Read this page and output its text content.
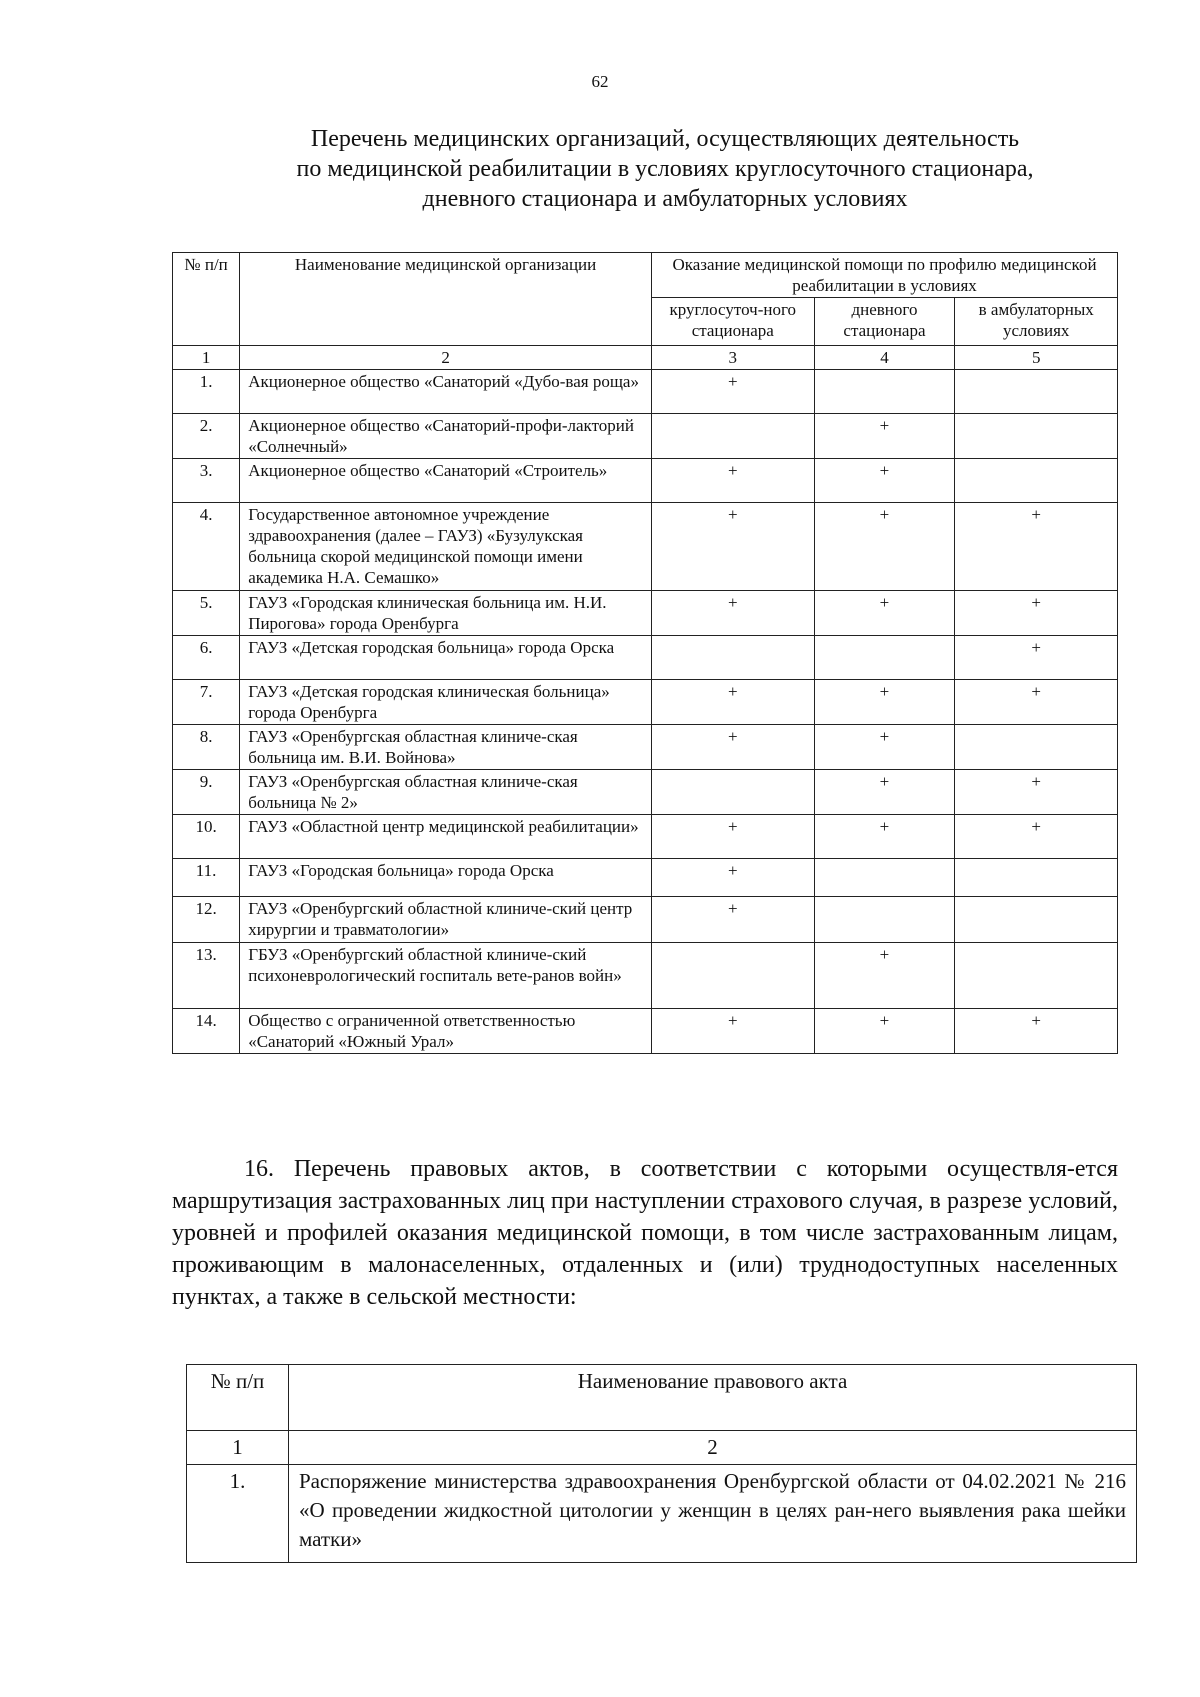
62
Перечень медицинских организаций, осуществляющих деятельность
по медицинской реабилитации в условиях круглосуточного стационара,
дневного стационара и амбулаторных условиях
№ п/п	Наименование медицинской организации	Оказание медицинской помощи по профилю медицинской реабилитации в условиях		
		круглосуточ-ного стационара	дневного стационара	в амбулаторных условиях
1	2	3	4	5
1.	Акционерное общество «Санаторий «Дубо-вая роща»	+		
2.	Акционерное общество «Санаторий-профи-лакторий «Солнечный»		+	
3.	Акционерное общество «Санаторий «Строитель»	+	+	
4.	Государственное автономное учреждение здравоохранения (далее – ГАУЗ) «Бузулукская больница скорой медицинской помощи имени академика Н.А. Семашко»	+	+	+
5.	ГАУЗ «Городская клиническая больница им. Н.И. Пирогова» города Оренбурга	+	+	+
6.	ГАУЗ «Детская городская больница» города Орска			+
7.	ГАУЗ «Детская городская клиническая больница» города Оренбурга	+	+	+
8.	ГАУЗ «Оренбургская областная клиниче-ская больница им. В.И. Войнова»	+	+	
9.	ГАУЗ «Оренбургская областная клиниче-ская больница № 2»		+	+
10.	ГАУЗ «Областной центр медицинской реабилитации»	+	+	+
11.	ГАУЗ «Городская больница» города Орска	+		
12.	ГАУЗ «Оренбургский областной клиниче-ский центр хирургии и травматологии»	+		
13.	ГБУЗ «Оренбургский областной клиниче-ский психоневрологический госпиталь вете-ранов войн»		+	
14.	Общество с ограниченной ответственностью «Санаторий «Южный Урал»	+	+	+

16. Перечень правовых актов, в соответствии с которыми осуществля-ется маршрутизация застрахованных лиц при наступлении страхового случая, в разрезе условий, уровней и профилей оказания медицинской помощи, в том числе застрахованным лицам, проживающим в малонаселенных, отдаленных и (или) труднодоступных населенных пунктах, а также в сельской местности:

№ п/п	Наименование правового акта
1	2
1.	Распоряжение министерства здравоохранения Оренбургской области от 04.02.2021 № 216 «О проведении жидкостной цитологии у женщин в целях ран-него выявления рака шейки матки»
